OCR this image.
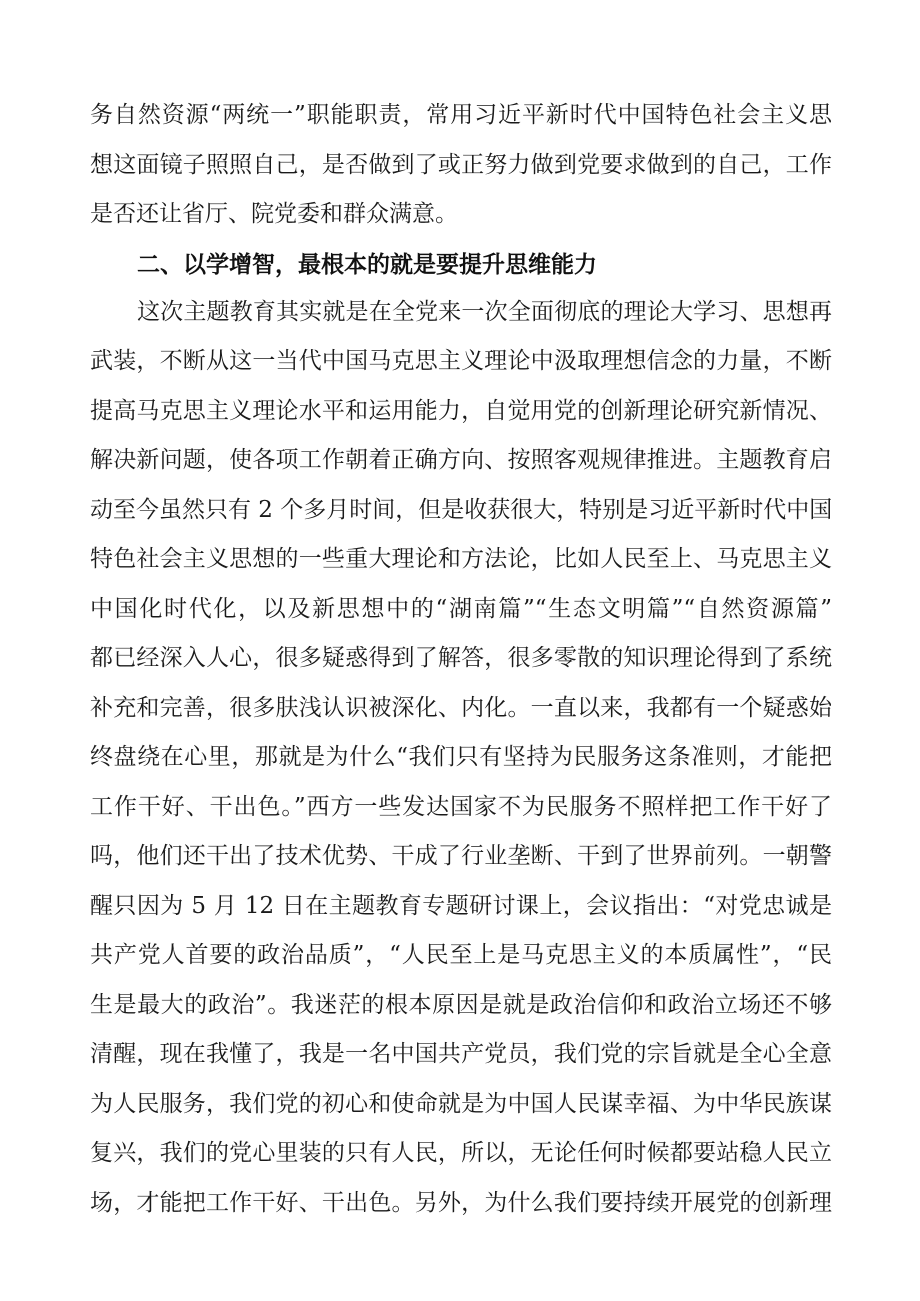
务自然资源“两统一”职能职责，常用习近平新时代中国特色社会主义思
想这面镜子照照自己，是否做到了或正努力做到党要求做到的自己，工作
是否还让省厅、院党委和群众满意。
二、以学增智，最根本的就是要提升思维能力
这次主题教育其实就是在全党来一次全面彻底的理论大学习、思想再
武装，不断从这一当代中国马克思主义理论中汲取理想信念的力量，不断
提高马克思主义理论水平和运用能力，自觉用党的创新理论研究新情况、
解决新问题，使各项工作朝着正确方向、按照客观规律推进。主题教育启
动至今虽然只有 2 个多月时间，但是收获很大，特别是习近平新时代中国
特色社会主义思想的一些重大理论和方法论，比如人民至上、马克思主义
中国化时代化，以及新思想中的“湖南篇”“生态文明篇”“自然资源篇”
都已经深入人心，很多疑惑得到了解答，很多零散的知识理论得到了系统
补充和完善，很多肤浅认识被深化、内化。一直以来，我都有一个疑惑始
终盘绕在心里，那就是为什么“我们只有坚持为民服务这条准则，才能把
工作干好、干出色。”西方一些发达国家不为民服务不照样把工作干好了
吗，他们还干出了技术优势、干成了行业垄断、干到了世界前列。一朝警
醒只因为 5 月 12 日在主题教育专题研讨课上，会议指出：“对党忠诚是
共产党人首要的政治品质”，“人民至上是马克思主义的本质属性”，“民
生是最大的政治”。我迷茫的根本原因是就是政治信仰和政治立场还不够
清醒，现在我懂了，我是一名中国共产党员，我们党的宗旨就是全心全意
为人民服务，我们党的初心和使命就是为中国人民谋幸福、为中华民族谋
复兴，我们的党心里装的只有人民，所以，无论任何时候都要站稳人民立
场，才能把工作干好、干出色。另外，为什么我们要持续开展党的创新理
